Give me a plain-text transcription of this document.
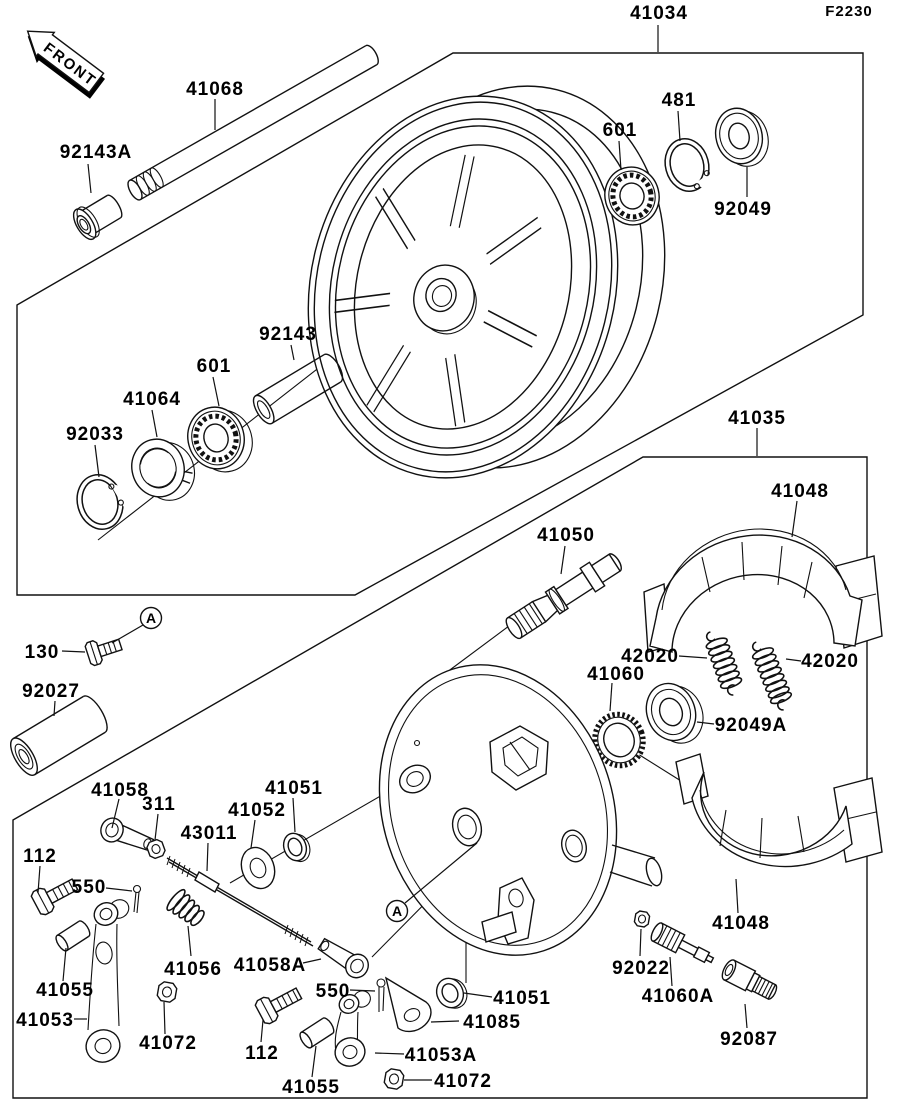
FRONT
A
A
F2230
41034
41068
92143A
601
481
92049
92143
601
41064
92033
41035
41048
41050
130
92027
42020	42020
41060
92049A
41058
311	41052
41051
43011
112
550
41056 41058A
41055
41053
41072
550	41051
41085
41053A
41072
112
41055
92022
41060A
41048
92087
